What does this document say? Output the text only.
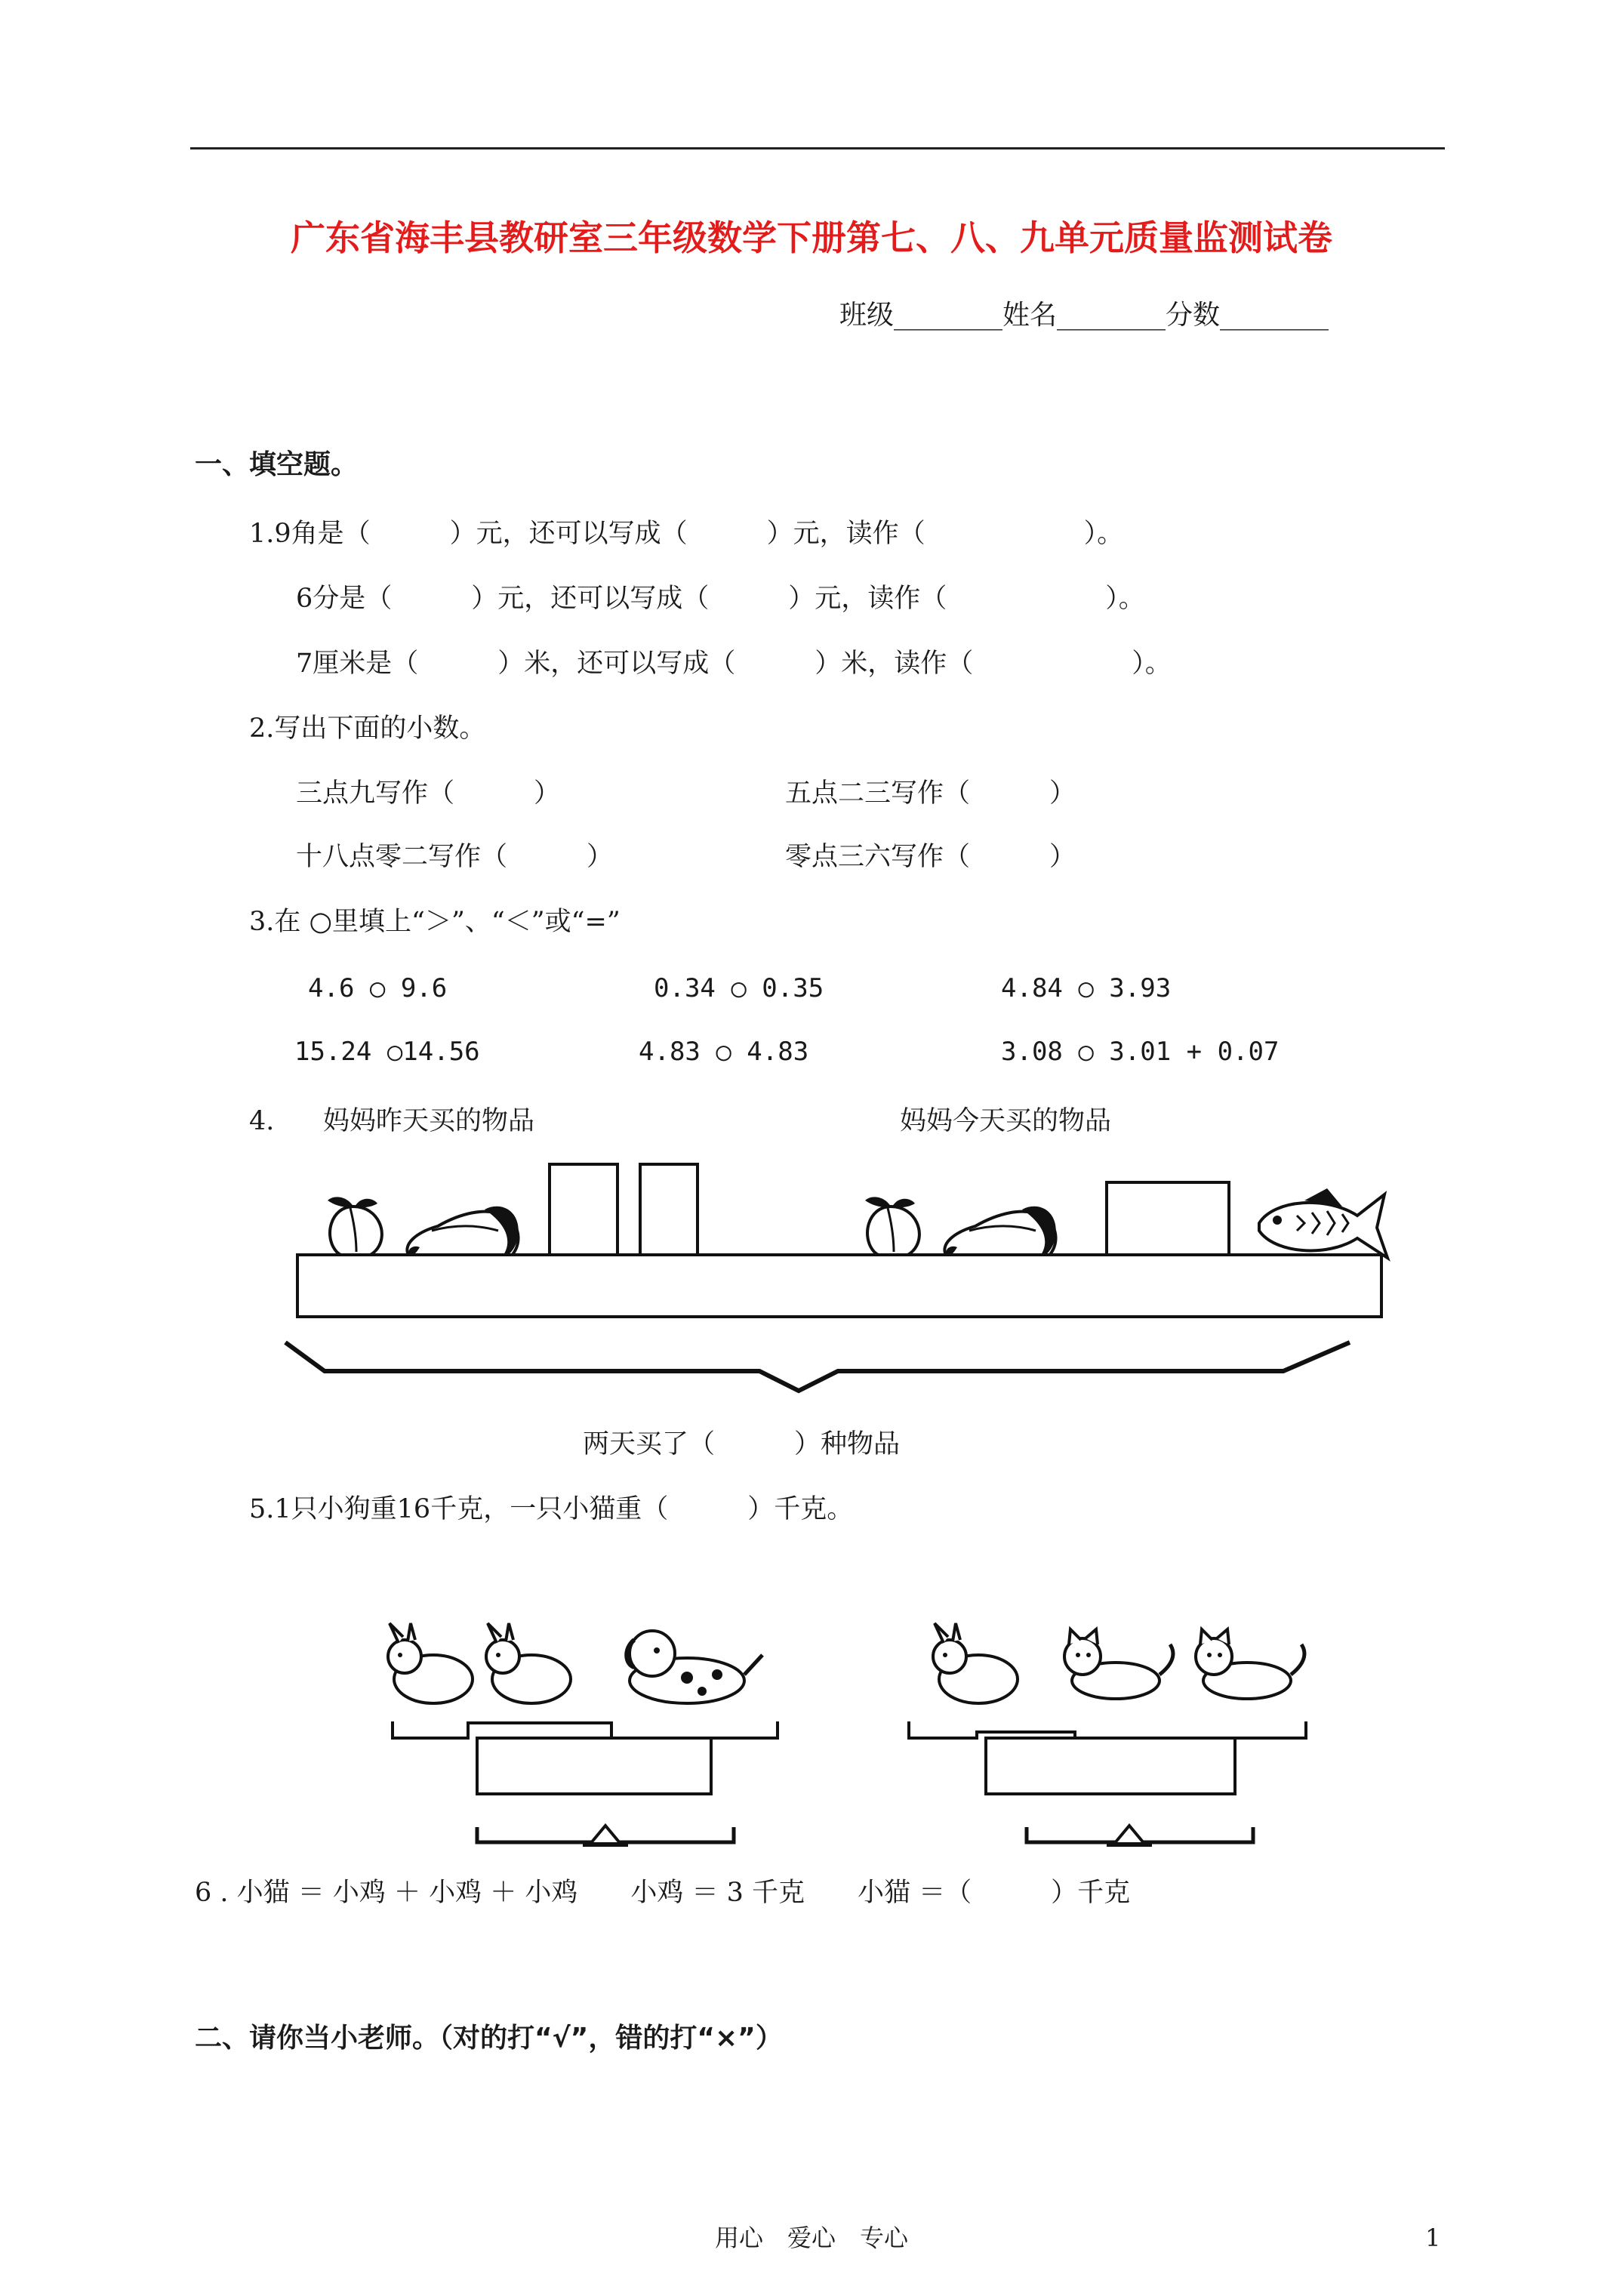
广东省海丰县教研室三年级数学下册第七、八、九单元质量监测试卷
班级________姓名________分数________
一、填空题。
1.9角是（　　　）元，还可以写成（　　　）元，读作（　　　　　　）。
6分是（　　　）元，还可以写成（　　　）元，读作（　　　　　　）。
7厘米是（　　　）米，还可以写成（　　　）米，读作（　　　　　　）。
2.写出下面的小数。
三点九写作（　　　）	五点二三写作（　　　）
十八点零二写作（　　　）	零点三六写作（　　　）
3.在 ○里填上“＞”、“＜”或“=”
4.6 ○ 9.6	0.34 ○ 0.35	4.84 ○ 3.93
15.24 ○14.56	4.83 ○ 4.83	3.08 ○ 3.01 + 0.07
4. 妈妈昨天买的物品	妈妈今天买的物品
两天买了（　　　）种物品
5.1只小狗重16千克，一只小猫重（　　　）千克。
6 . 小猫 ＝ 小鸡 ＋ 小鸡 ＋ 小鸡　　小鸡 ＝ 3 千克　　小猫 ＝（　　　）千克
二、请你当小老师。（对的打“√”，错的打“×”）
用心　爱心　专心	1
